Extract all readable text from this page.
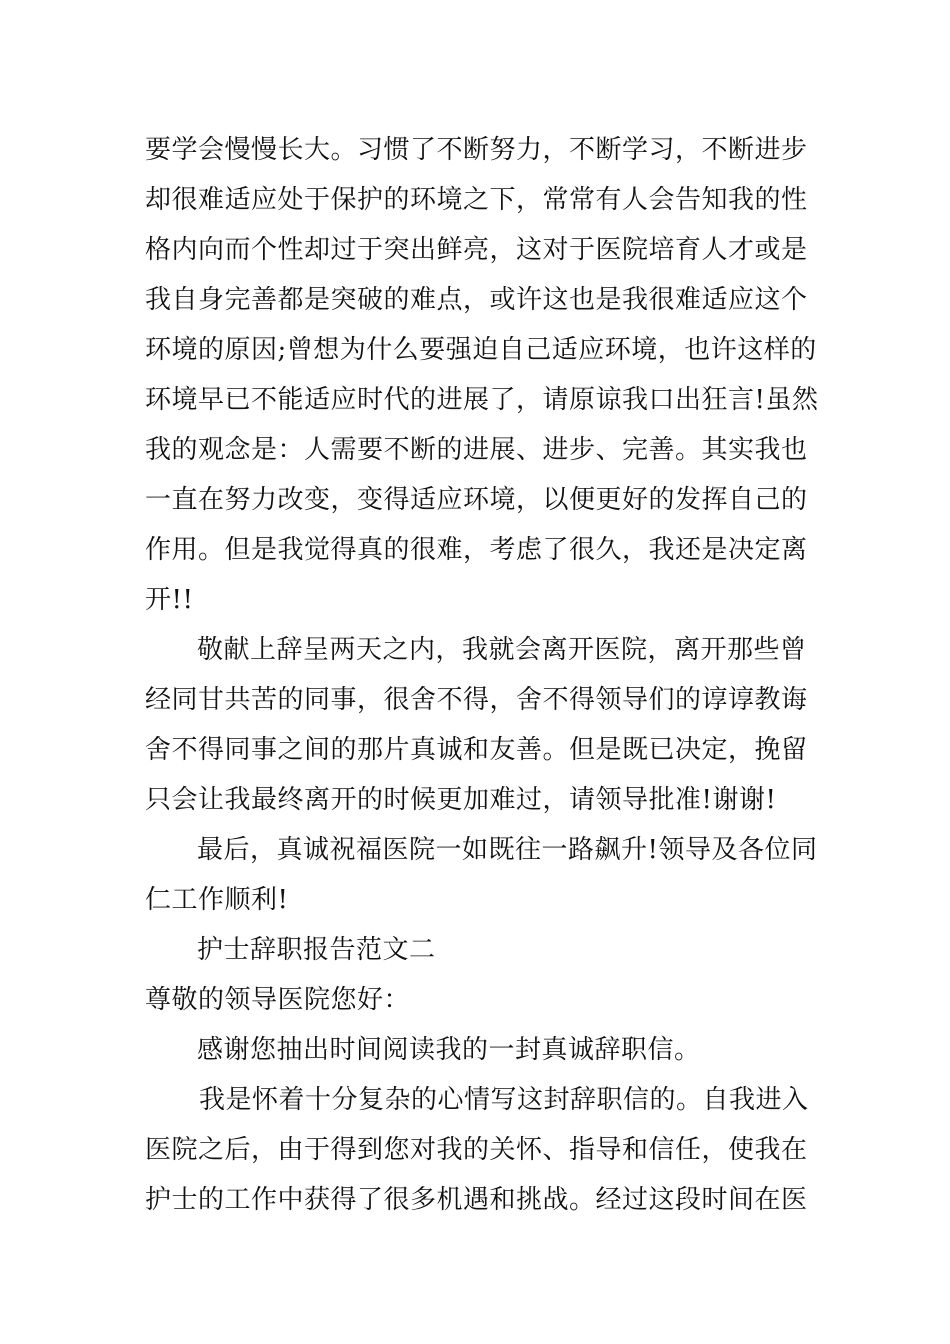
要学会慢慢长大。习惯了不断努力，不断学习，不断进步
却很难适应处于保护的环境之下，常常有人会告知我的性
格内向而个性却过于突出鲜亮，这对于医院培育人才或是
我自身完善都是突破的难点，或许这也是我很难适应这个
环境的原因;曾想为什么要强迫自己适应环境，也许这样的
环境早已不能适应时代的进展了，请原谅我口出狂言!虽然
我的观念是：人需要不断的进展、进步、完善。其实我也
一直在努力改变，变得适应环境，以便更好的发挥自己的
作用。但是我觉得真的很难，考虑了很久，我还是决定离
开!!
敬献上辞呈两天之内，我就会离开医院，离开那些曾
经同甘共苦的同事，很舍不得，舍不得领导们的谆谆教诲
舍不得同事之间的那片真诚和友善。但是既已决定，挽留
只会让我最终离开的时候更加难过，请领导批准!谢谢!
最后，真诚祝福医院一如既往一路飙升!领导及各位同
仁工作顺利!
护士辞职报告范文二
尊敬的领导医院您好：
感谢您抽出时间阅读我的一封真诚辞职信。
我是怀着十分复杂的心情写这封辞职信的。自我进入
医院之后，由于得到您对我的关怀、指导和信任，使我在
护士的工作中获得了很多机遇和挑战。经过这段时间在医
